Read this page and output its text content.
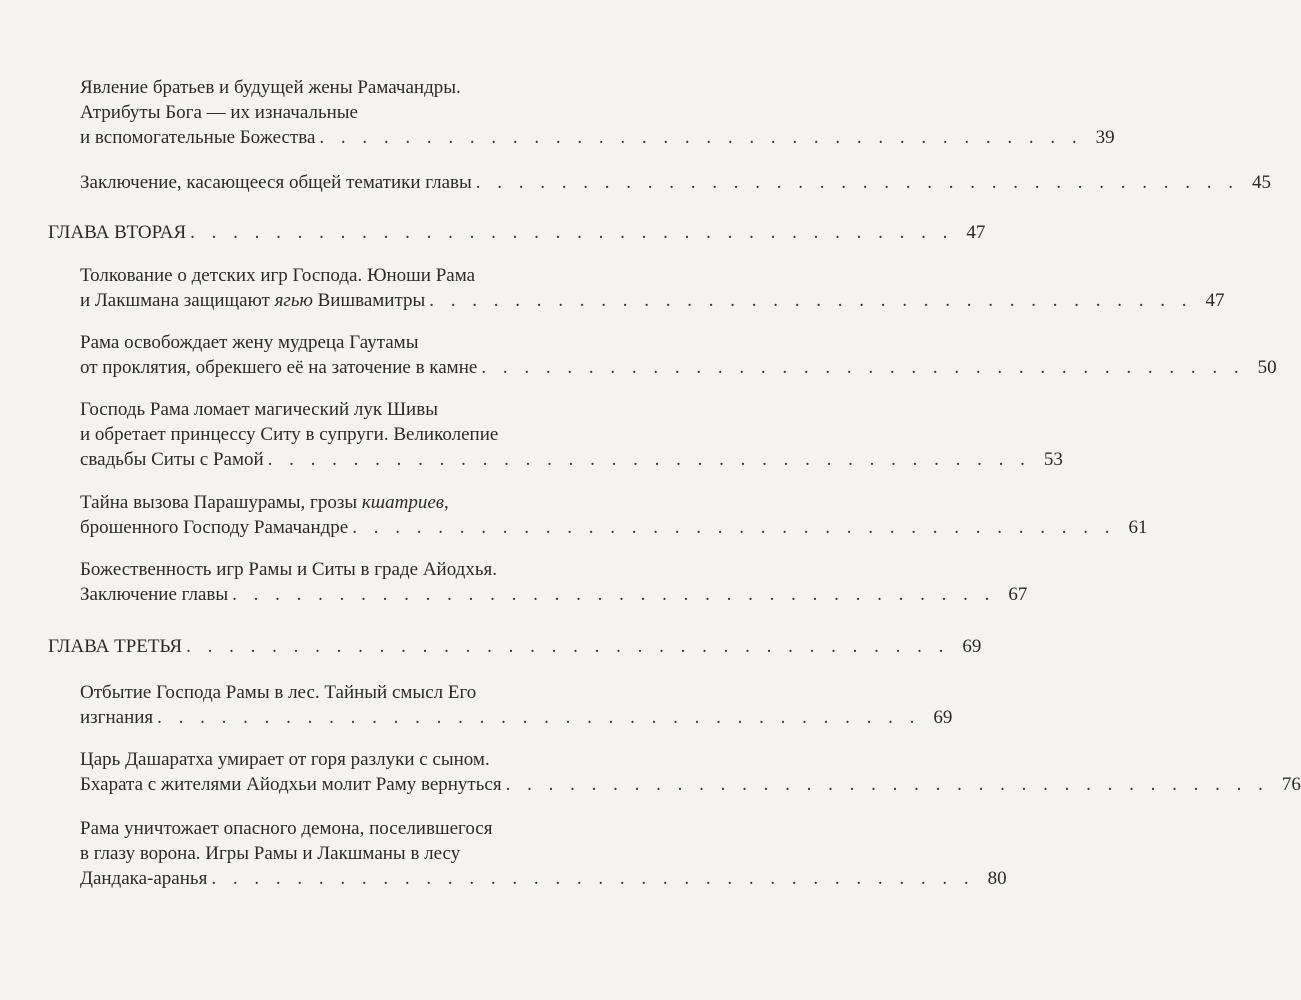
Явление братьев и будущей жены Рамачандры.
Атрибуты Бога — их изначальные
и вспомогательные Божества . . . . . . . . . . . . . . . . . . . . . . . . . . . . . . . . . . . . 39
Заключение, касающееся общей тематики главы . . . . . . . . . . . . . . . . . . . . . . . . . . . . . . . . . . . . 45
ГЛАВА ВТОРАЯ . . . . . . . . . . . . . . . . . . . . . . . . . . . . . . . . . . . . 47
Толкование о детских игр Господа. Юноши Рама
и Лакшмана защищают ягью Вишвамитры . . . . . . . . . . . . . . . . . . . . . . . . . . . . . . . . . . . . 47
Рама освобождает жену мудреца Гаутамы
от проклятия, обрекшего её на заточение в камне . . . . . . . . . . . . . . . . . . . . . . . . . . . . . . . . . . . . 50
Господь Рама ломает магический лук Шивы
и обретает принцессу Ситу в супруги. Великолепие
свадьбы Ситы с Рамой . . . . . . . . . . . . . . . . . . . . . . . . . . . . . . . . . . . . 53
Тайна вызова Парашурамы, грозы кшатриев,
брошенного Господу Рамачандре . . . . . . . . . . . . . . . . . . . . . . . . . . . . . . . . . . . . 61
Божественность игр Рамы и Ситы в граде Айодхья.
Заключение главы . . . . . . . . . . . . . . . . . . . . . . . . . . . . . . . . . . . . 67
ГЛАВА ТРЕТЬЯ . . . . . . . . . . . . . . . . . . . . . . . . . . . . . . . . . . . . 69
Отбытие Господа Рамы в лес. Тайный смысл Его
изгнания . . . . . . . . . . . . . . . . . . . . . . . . . . . . . . . . . . . . 69
Царь Дашаратха умирает от горя разлуки с сыном.
Бхарата с жителями Айодхьи молит Раму вернуться . . . . . . . . . . . . . . . . . . . . . . . . . . . . . . . . . . . . 76
Рама уничтожает опасного демона, поселившегося
в глазу ворона. Игры Рамы и Лакшманы в лесу
Дандака-аранья . . . . . . . . . . . . . . . . . . . . . . . . . . . . . . . . . . . . 80
